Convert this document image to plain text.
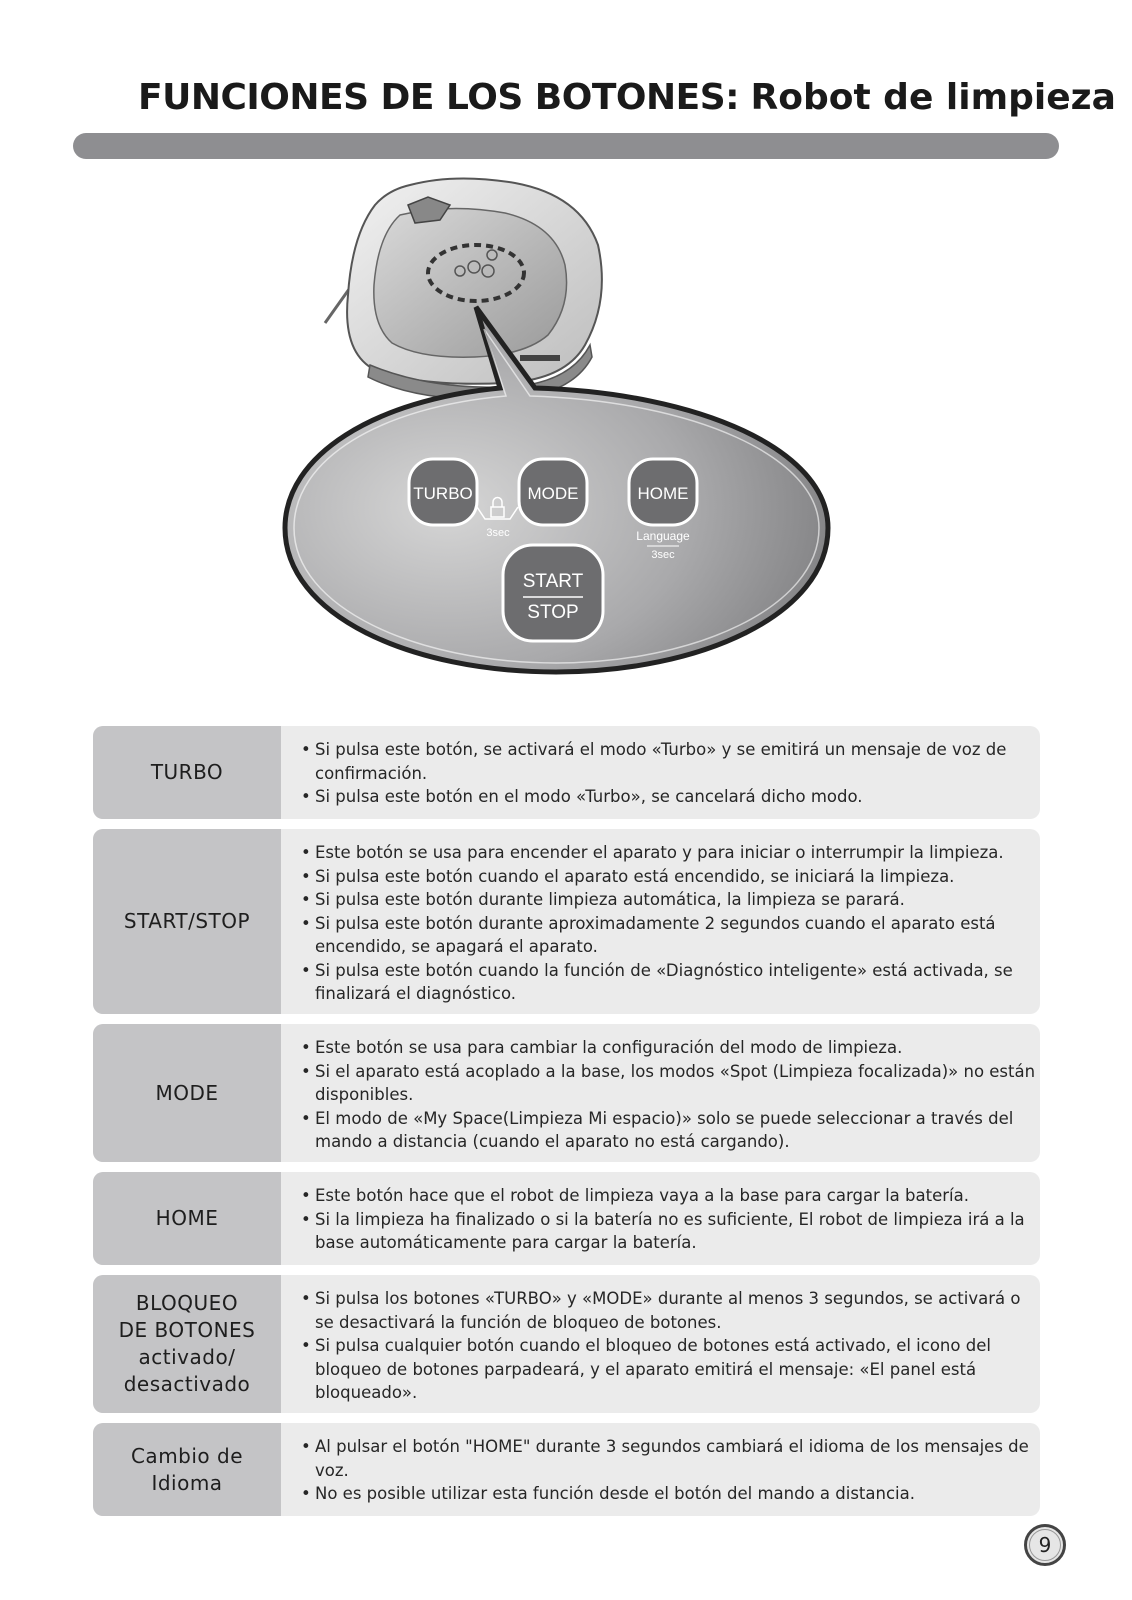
FUNCIONES DE LOS BOTONES: Robot de limpieza
TURBO	MODE	HOME
3sec	Language
3sec
START
STOP
TURBO
• Si pulsa este botón, se activará el modo «Turbo» y se emitirá un mensaje de voz de confirmación.
• Si pulsa este botón en el modo «Turbo», se cancelará dicho modo.
START/STOP
• Este botón se usa para encender el aparato y para iniciar o interrumpir la limpieza.
• Si pulsa este botón cuando el aparato está encendido, se iniciará la limpieza.
• Si pulsa este botón durante limpieza automática, la limpieza se parará.
• Si pulsa este botón durante aproximadamente 2 segundos cuando el aparato está encendido, se apagará el aparato.
• Si pulsa este botón cuando la función de «Diagnóstico inteligente» está activada, se finalizará el diagnóstico.
MODE
• Este botón se usa para cambiar la configuración del modo de limpieza.
• Si el aparato está acoplado a la base, los modos «Spot (Limpieza focalizada)» no están disponibles.
• El modo de «My Space(Limpieza Mi espacio)» solo se puede seleccionar a través del mando a distancia (cuando el aparato no está cargando).
HOME
• Este botón hace que el robot de limpieza vaya a la base para cargar la batería.
• Si la limpieza ha finalizado o si la batería no es suficiente, El robot de limpieza irá a la base automáticamente para cargar la batería.
BLOQUEO
DE BOTONES
activado/
desactivado
• Si pulsa los botones «TURBO» y «MODE» durante al menos 3 segundos, se activará o se desactivará la función de bloqueo de botones.
• Si pulsa cualquier botón cuando el bloqueo de botones está activado, el icono del bloqueo de botones parpadeará, y el aparato emitirá el mensaje: «El panel está bloqueado».
Cambio de
Idioma
• Al pulsar el botón "HOME" durante 3 segundos cambiará el idioma de los mensajes de voz.
• No es posible utilizar esta función desde el botón del mando a distancia.
9
